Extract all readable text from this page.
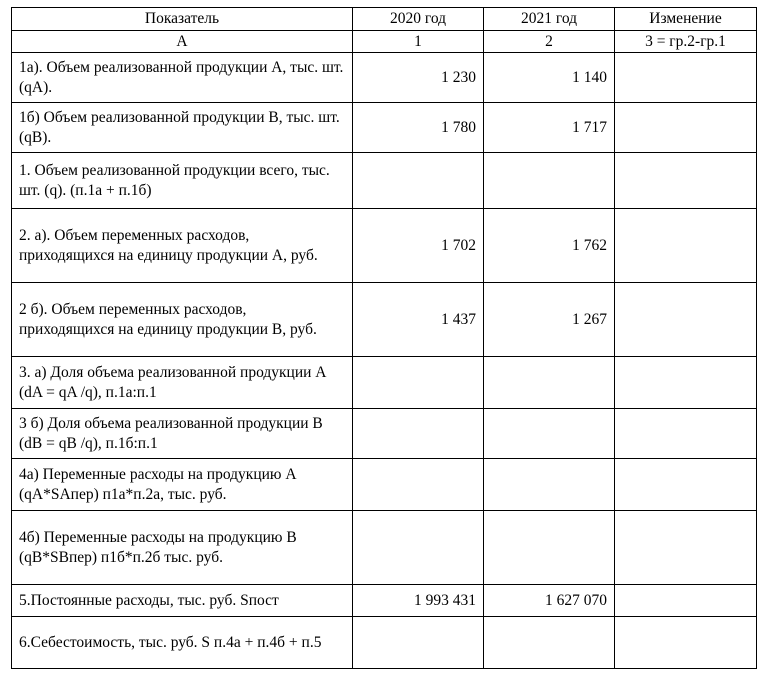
Показатель	2020 год	2021 год	Изменение
А	1	2	3 = гр.2-гр.1
1а). Объем реализованной продукции А, тыс. шт. (qA).	1 230	1 140	
1б) Объем реализованной продукции В, тыс. шт. (qB).	1 780	1 717	
1. Объем реализованной продукции всего, тыс. шт. (q). (п.1а + п.1б)			
2. а). Объем переменных расходов, приходящихся на единицу продукции А, руб.	1 702	1 762	
2 б). Объем переменных расходов, приходящихся на единицу продукции В, руб.	1 437	1 267	
3. а) Доля объема реализованной продукции А (dA = qA /q), п.1а:п.1			
3 б) Доля объема реализованной продукции В (dB = qB /q), п.1б:п.1			
4а) Переменные расходы на продукцию А (qA*SAпер) п1а*п.2а, тыс. руб.			
4б) Переменные расходы на продукцию В (qB*SBпер) п1б*п.2б тыс. руб.			
5.Постоянные расходы, тыс. руб. Sпост	1 993 431	1 627 070	
6.Себестоимость, тыс. руб. S п.4а + п.4б + п.5			
